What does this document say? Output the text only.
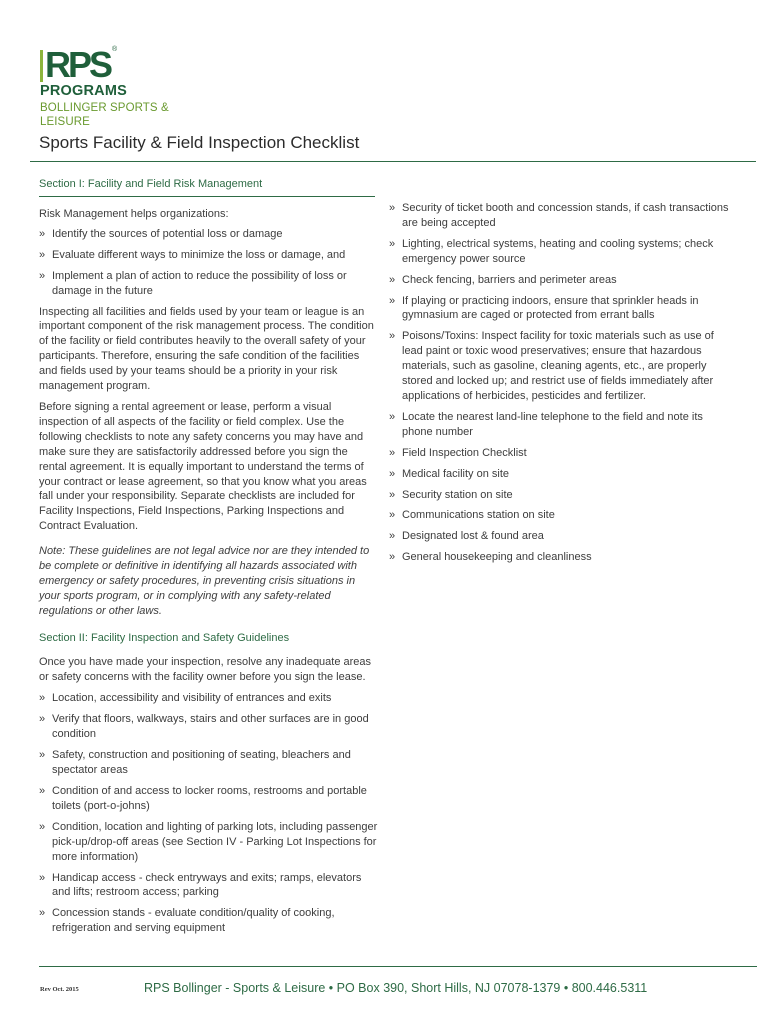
RPS ®
PROGRAMS
BOLLINGER SPORTS & LEISURE
Sports Facility & Field Inspection Checklist
Section I: Facility and Field Risk Management

Risk Management helps organizations:

» Identify the sources of potential loss or damage
» Evaluate different ways to minimize the loss or damage, and
» Implement a plan of action to reduce the possibility of loss or damage in the future

Inspecting all facilities and fields used by your team or league is an important component of the risk management process. The condition of the facility or field contributes heavily to the overall safety of your participants. Therefore, ensuring the safe condition of the facilities and fields used by your teams should be a priority in your risk management program.

Before signing a rental agreement or lease, perform a visual inspection of all aspects of the facility or field complex. Use the following checklists to note any safety concerns you may have and make sure they are satisfactorily addressed before you sign the rental agreement. It is equally important to understand the terms of your contract or lease agreement, so that you know what you areas fall under your responsibility. Separate checklists are included for Facility Inspections, Field Inspections, Parking Inspections and Contract Evaluation.

Note: These guidelines are not legal advice nor are they intended to be complete or definitive in identifying all hazards associated with emergency or safety procedures, in preventing crisis situations in your sports program, or in complying with any safety-related regulations or other laws.

Section II: Facility Inspection and Safety Guidelines

Once you have made your inspection, resolve any inadequate areas or safety concerns with the facility owner before you sign the lease.

» Location, accessibility and visibility of entrances and exits
» Verify that floors, walkways, stairs and other surfaces are in good condition
» Safety, construction and positioning of seating, bleachers and spectator areas
» Condition of and access to locker rooms, restrooms and portable toilets (port-o-johns)
» Condition, location and lighting of parking lots, including passenger pick-up/drop-off areas (see Section IV - Parking Lot Inspections for more information)
» Handicap access - check entryways and exits; ramps, elevators and lifts; restroom access; parking
» Concession stands - evaluate condition/quality of cooking, refrigeration and serving equipment
» Security of ticket booth and concession stands, if cash transactions are being accepted
» Lighting, electrical systems, heating and cooling systems; check emergency power source
» Check fencing, barriers and perimeter areas
» If playing or practicing indoors, ensure that sprinkler heads in gymnasium are caged or protected from errant balls
» Poisons/Toxins: Inspect facility for toxic materials such as use of lead paint or toxic wood preservatives; ensure that hazardous materials, such as gasoline, cleaning agents, etc., are properly stored and locked up; and restrict use of fields immediately after applications of herbicides, pesticides and fertilizer.
» Locate the nearest land-line telephone to the field and note its phone number
» Field Inspection Checklist
» Medical facility on site
» Security station on site
» Communications station on site
» Designated lost & found area
» General housekeeping and cleanliness
Rev Oct. 2015	RPS Bollinger - Sports & Leisure • PO Box 390, Short Hills, NJ 07078-1379 • 800.446.5311
